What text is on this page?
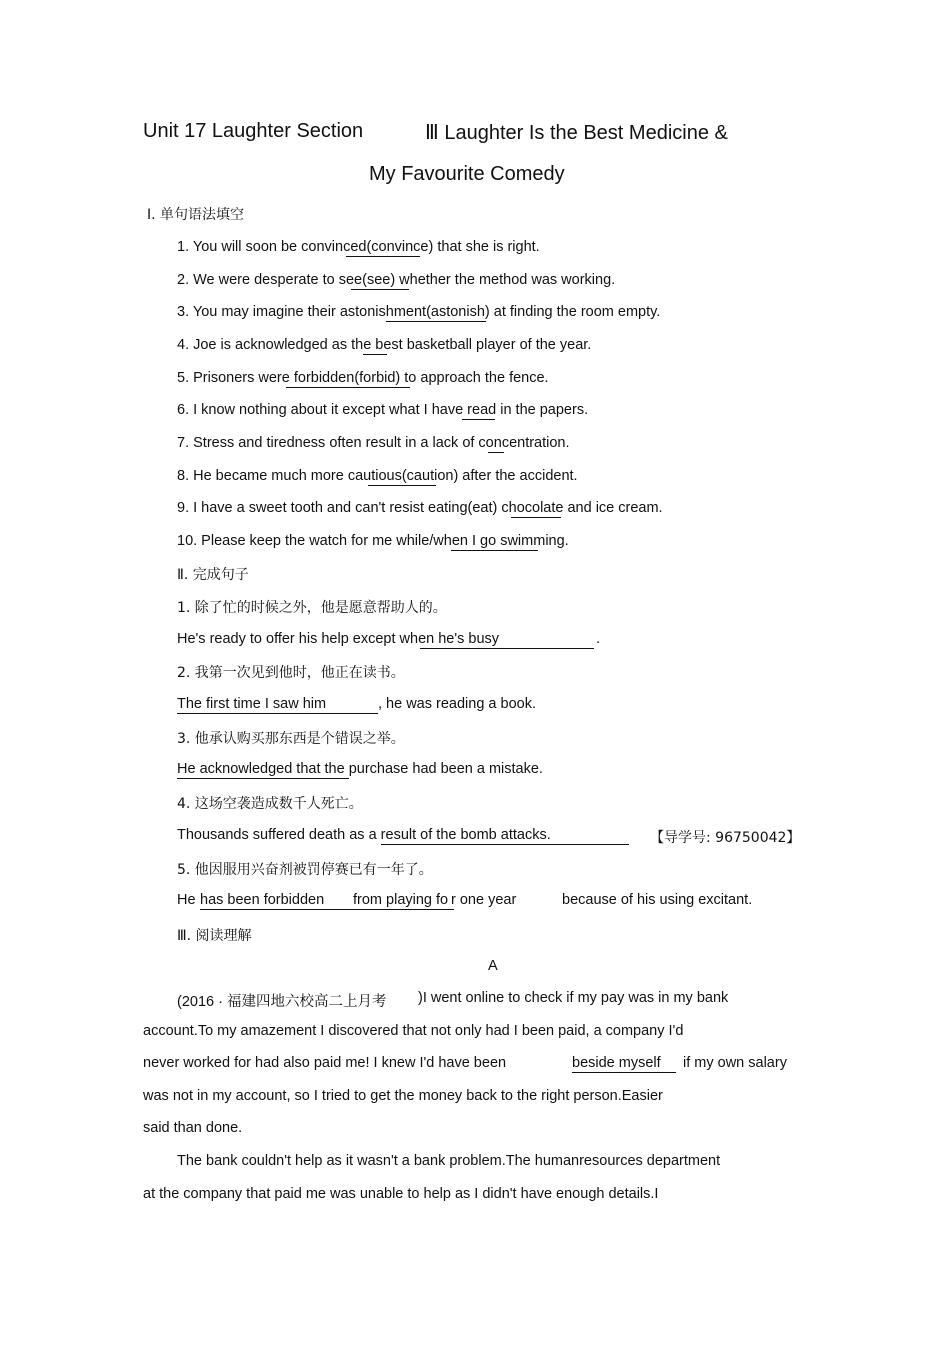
Unit 17 Laughter Section	Ⅲ Laughter Is the Best Medicine &
My Favourite Comedy
Ⅰ. 单句语法填空
1. You will soon be convinced(convince) that she is right.
2. We were desperate to see(see) whether the method was working.
3. You may imagine their astonishment(astonish) at finding the room empty.
4. Joe is acknowledged as the best basketball player of the year.
5. Prisoners were forbidden(forbid) to approach the fence.
6. I know nothing about it except what I have read in the papers.
7. Stress and tiredness often result in a lack of concentration.
8. He became much more cautious(caution) after the accident.
9. I have a sweet tooth and can't resist eating(eat) chocolate and ice cream.
10. Please keep the watch for me while/when I go swimming.
Ⅱ. 完成句子
1. 除了忙的时候之外，他是愿意帮助人的。
He's ready to offer his help except when he's busy	.
2. 我第一次见到他时，他正在读书。
The first time I saw him	, he was reading a book.
3. 他承认购买那东西是个错误之举。
He acknowledged that the purchase had been a mistake.
4. 这场空袭造成数千人死亡。
Thousands suffered death as a result of the bomb attacks.	【导学号: 96750042】
5. 他因服用兴奋剂被罚停赛已有一年了。
He has been forbidden from playing fo r one year	because of his using excitant.
Ⅲ. 阅读理解
A
(2016 · 福建四地六校高二上月考 )I went online to check if my pay was in my bank
account.To my amazement I discovered that not only had I been paid, a company I'd
never worked for had also paid me! I knew I'd have been	beside myself if my own salary
was not in my account, so I tried to get the money back to the right person.Easier
said than done.
The bank couldn't help as it wasn't a bank problem.The humanresources department
at the company that paid me was unable to help as I didn't have enough details.I
